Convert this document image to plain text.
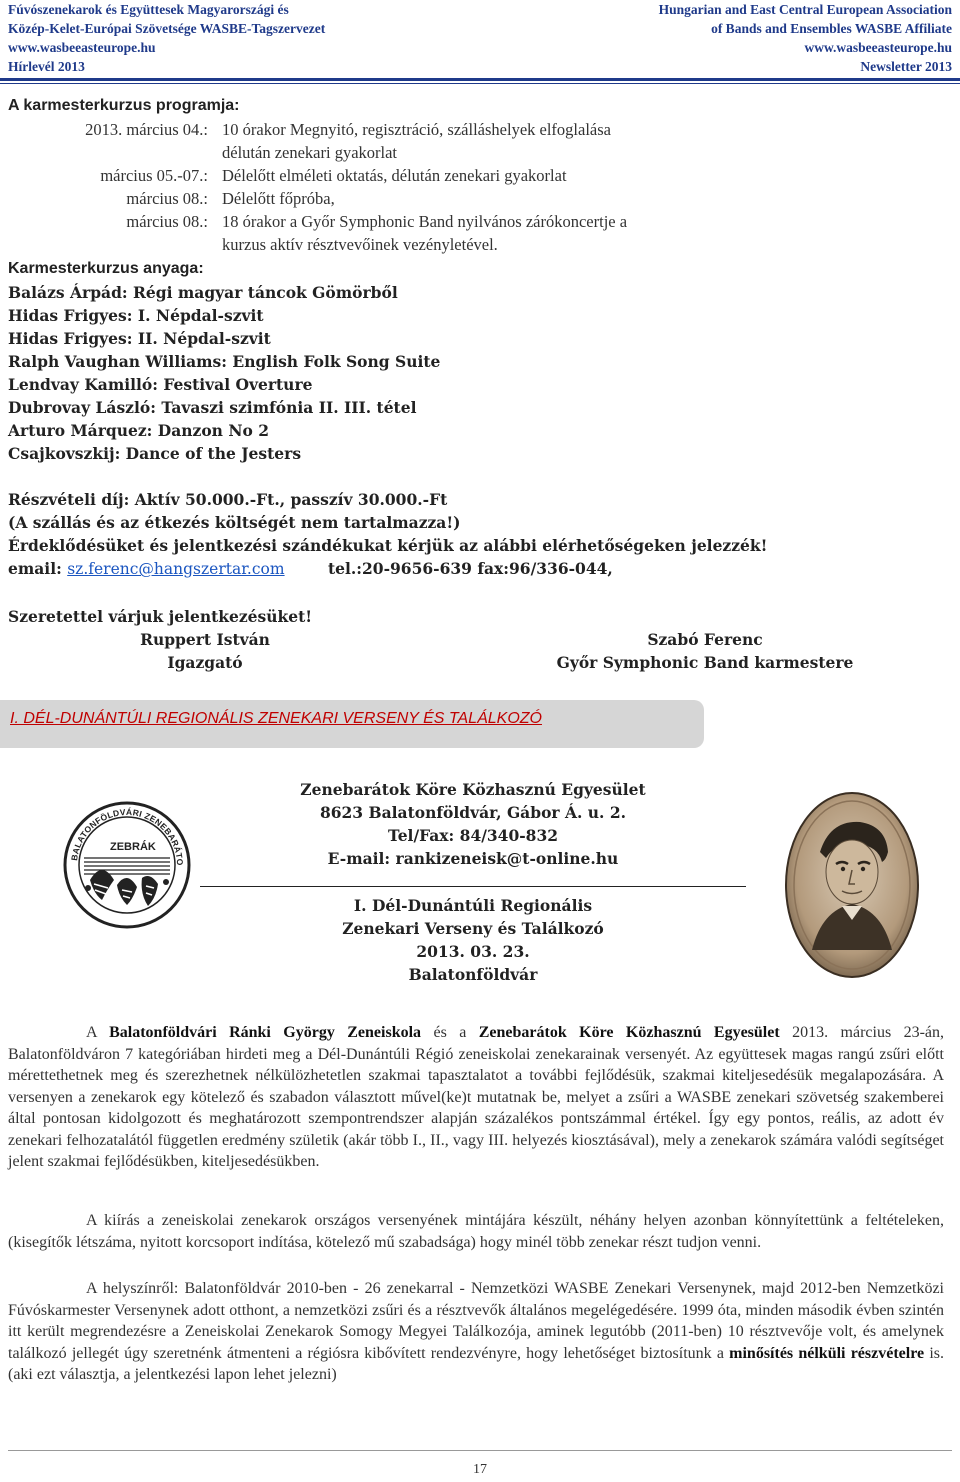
Fúvószenekarok és Együttesek Magyarországi és
Közép-Kelet-Európai Szövetsége WASBE-Tagszervezet
www.wasbeeasteurope.hu
Hírlevél 2013
Hungarian and East Central European Association
of Bands and Ensembles WASBE Affiliate
www.wasbeeasteurope.hu
Newsletter 2013
A karmesterkurzus programja:
2013. március 04.: 10 órakor Megnyitó, regisztráció, szálláshelyek elfoglalása
délután zenekari gyakorlat
március 05.-07.: Délelőtt elméleti oktatás, délután zenekari gyakorlat
március 08.: Délelőtt főpróba,
március 08.: 18 órakor a Győr Symphonic Band nyilvános zárókoncertje a
kurzus aktív résztvevőinek vezényletével.
Karmesterkurzus anyaga:
Balázs Árpád: Régi magyar táncok Gömörből
Hidas Frigyes: I. Népdal-szvit
Hidas Frigyes: II. Népdal-szvit
Ralph Vaughan Williams: English Folk Song Suite
Lendvay Kamilló: Festival Overture
Dubrovay László: Tavaszi szimfónia II. III. tétel
Arturo Márquez: Danzon No 2
Csajkovszkij: Dance of the Jesters
Részvételi díj: Aktív 50.000.-Ft., passzív 30.000.-Ft
(A szállás és az étkezés költségét nem tartalmazza!)
Érdeklődésüket és jelentkezési szándékukat kérjük az alábbi elérhetőségeken jelezzék!
email: sz.ferenc@hangszertar.com	tel.:20-9656-639 fax:96/336-044,
Szeretettel várjuk jelentkezésüket!
Ruppert István
Igazgató
Szabó Ferenc
Győr Symphonic Band karmestere
I. DÉL-DUNÁNTÚLI REGIONÁLIS ZENEKARI VERSENY ÉS TALÁLKOZÓ
BALATONFÖLDVÁRI ZENEBARÁTO
ZEBRÁK
Zenebarátok Köre Közhasznú Egyesület
8623 Balatonföldvár, Gábor Á. u. 2.
Tel/Fax: 84/340-832
E-mail: rankizeneisk@t-online.hu
I. Dél-Dunántúli Regionális
Zenekari Verseny és Találkozó
2013. 03. 23.
Balatonföldvár
A Balatonföldvári Ránki György Zeneiskola és a Zenebarátok Köre Közhasznú Egyesület 2013. március 23-án, Balatonföldváron 7 kategóriában hirdeti meg a Dél-Dunántúli Régió zeneiskolai zenekarainak versenyét. Az együttesek magas rangú zsűri előtt mérettethetnek meg és szerezhetnek nélkülözhetetlen szakmai tapasztalatot a további fejlődésük, szakmai kiteljesedésük megalapozására. A versenyen a zenekarok egy kötelező és szabadon választott művel(ke)t mutatnak be, melyet a zsűri a WASBE zenekari szövetség szakemberei által pontosan kidolgozott és meghatározott szempontrendszer alapján százalékos pontszámmal értékel. Így egy pontos, reális, az adott év zenekari felhozatalától független eredmény születik (akár több I., II., vagy III. helyezés kiosztásával), mely a zenekarok számára valódi segítséget jelent szakmai fejlődésükben, kiteljesedésükben.
A kiírás a zeneiskolai zenekarok országos versenyének mintájára készült, néhány helyen azonban könnyítettünk a feltételeken, (kisegítők létszáma, nyitott korcsoport indítása, kötelező mű szabadsága) hogy minél több zenekar részt tudjon venni.
A helyszínről: Balatonföldvár 2010-ben - 26 zenekarral - Nemzetközi WASBE Zenekari Versenynek, majd 2012-ben Nemzetközi Fúvóskarmester Versenynek adott otthont, a nemzetközi zsűri és a résztvevők általános megelégedésére. 1999 óta, minden második évben szintén itt került megrendezésre a Zeneiskolai Zenekarok Somogy Megyei Találkozója, aminek legutóbb (2011-ben) 10 résztvevője volt, és amelynek találkozó jellegét úgy szeretnénk átmenteni a régiósra kibővített rendezvényre, hogy lehetőséget biztosítunk a minősítés nélküli részvételre is. (aki ezt választja, a jelentkezési lapon lehet jelezni)
17
